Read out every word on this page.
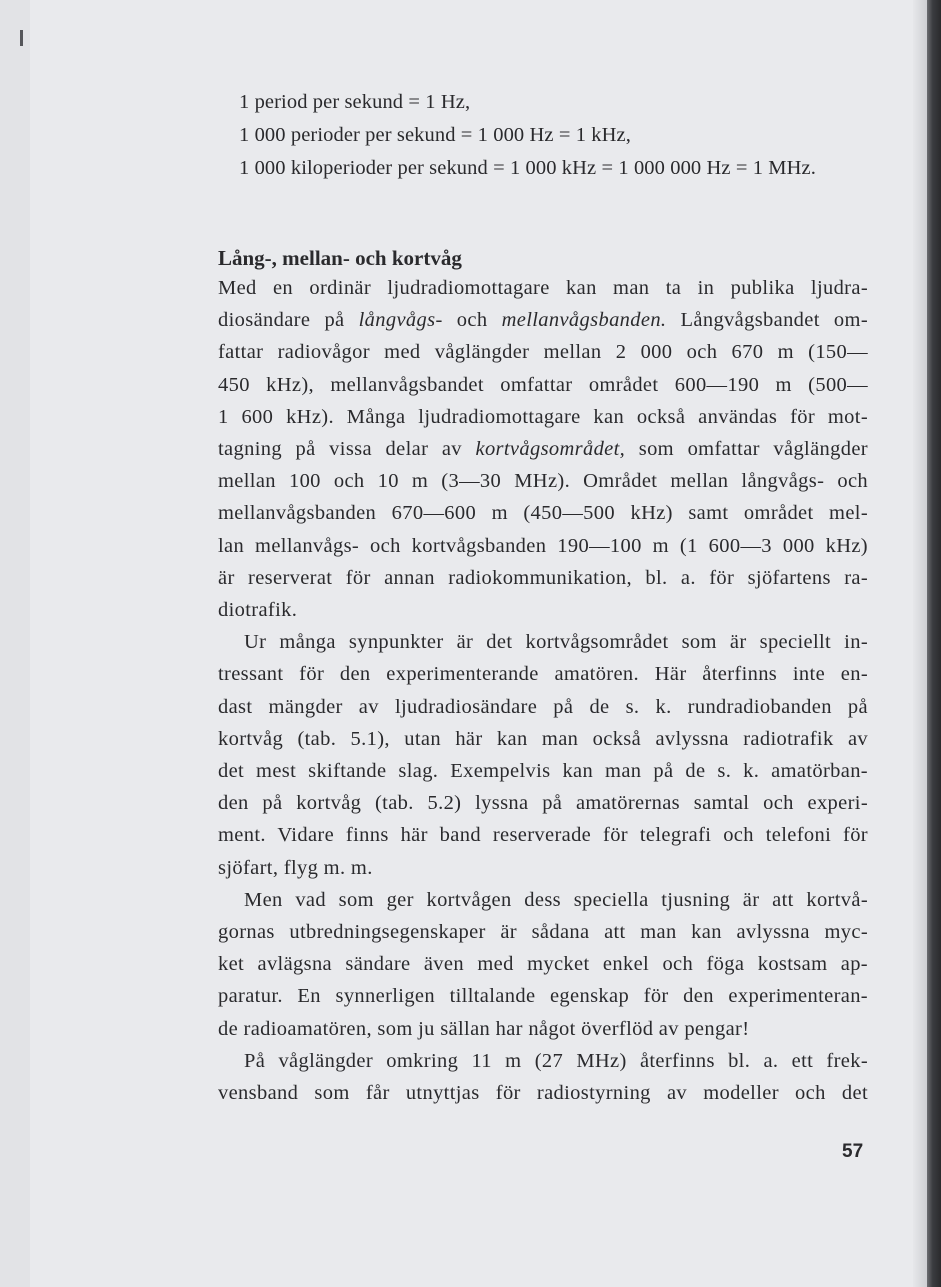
1 period per sekund = 1 Hz,
1 000 perioder per sekund = 1 000 Hz = 1 kHz,
1 000 kiloperioder per sekund = 1 000 kHz = 1 000 000 Hz = 1 MHz.
Lång-, mellan- och kortvåg
Med en ordinär ljudradiomottagare kan man ta in publika ljudra-
diosändare på långvågs- och mellanvågsbanden. Långvågsbandet om-
fattar radiovågor med våglängder mellan 2 000 och 670 m (150—
450 kHz), mellanvågsbandet omfattar området 600—190 m (500—
1 600 kHz). Många ljudradiomottagare kan också användas för mot-
tagning på vissa delar av kortvågsområdet, som omfattar våglängder
mellan 100 och 10 m (3—30 MHz). Området mellan långvågs- och
mellanvågsbanden 670—600 m (450—500 kHz) samt området mel-
lan mellanvågs- och kortvågsbanden 190—100 m (1 600—3 000 kHz)
är reserverat för annan radiokommunikation, bl. a. för sjöfartens ra-
diotrafik.
Ur många synpunkter är det kortvågsområdet som är speciellt in-
tressant för den experimenterande amatören. Här återfinns inte en-
dast mängder av ljudradiosändare på de s. k. rundradiobanden på
kortvåg (tab. 5.1), utan här kan man också avlyssna radiotrafik av
det mest skiftande slag. Exempelvis kan man på de s. k. amatörban-
den på kortvåg (tab. 5.2) lyssna på amatörernas samtal och experi-
ment. Vidare finns här band reserverade för telegrafi och telefoni för
sjöfart, flyg m. m.
Men vad som ger kortvågen dess speciella tjusning är att kortvå-
gornas utbredningsegenskaper är sådana att man kan avlyssna myc-
ket avlägsna sändare även med mycket enkel och föga kostsam ap-
paratur. En synnerligen tilltalande egenskap för den experimenteran-
de radioamatören, som ju sällan har något överflöd av pengar!
På våglängder omkring 11 m (27 MHz) återfinns bl. a. ett frek-
vensband som får utnyttjas för radiostyrning av modeller och det
57
